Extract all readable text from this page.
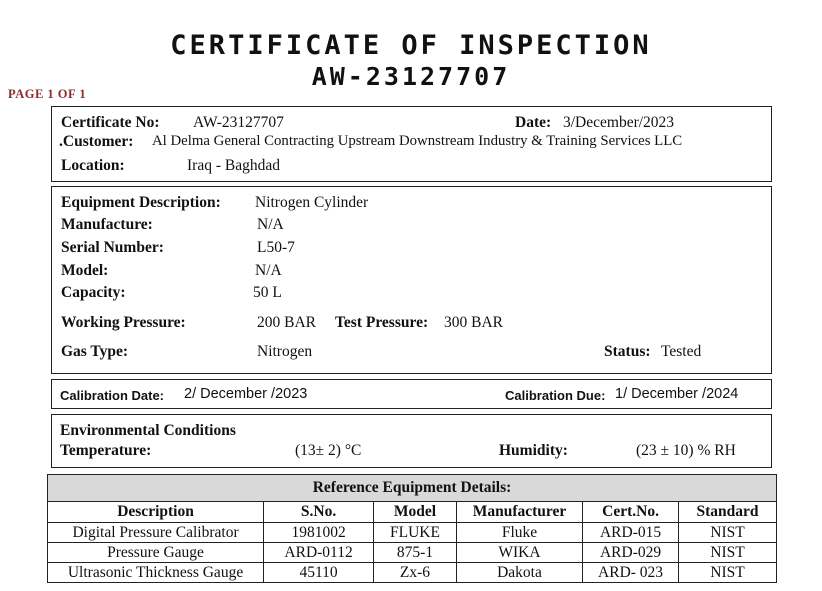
CERTIFICATE OF INSPECTION
AW-23127707
PAGE 1 OF 1
Certificate No: AW-23127707	Date: 3/December/2023
.Customer: Al Delma General Contracting Upstream Downstream Industry & Training Services LLC
Location:	Iraq - Baghdad
Equipment Description: Nitrogen Cylinder
Manufacture:	N/A
Serial Number:	L50-7
Model:	N/A
Capacity:	50 L
Working Pressure:	200 BAR Test Pressure: 300 BAR
Gas Type:	Nitrogen	Status: Tested
Calibration Date: 2/ December /2023	Calibration Due: 1/ December /2024
Environmental Conditions
Temperature:	(13± 2) °C	Humidity:	(23 ± 10) % RH
Reference Equipment Details:					
Description	S.No.	Model	Manufacturer	Cert.No.	Standard
Digital Pressure Calibrator	1981002	FLUKE	Fluke	ARD-015	NIST
Pressure Gauge	ARD-0112	875-1	WIKA	ARD-029	NIST
Ultrasonic Thickness Gauge	45110	Zx-6	Dakota	ARD- 023	NIST
